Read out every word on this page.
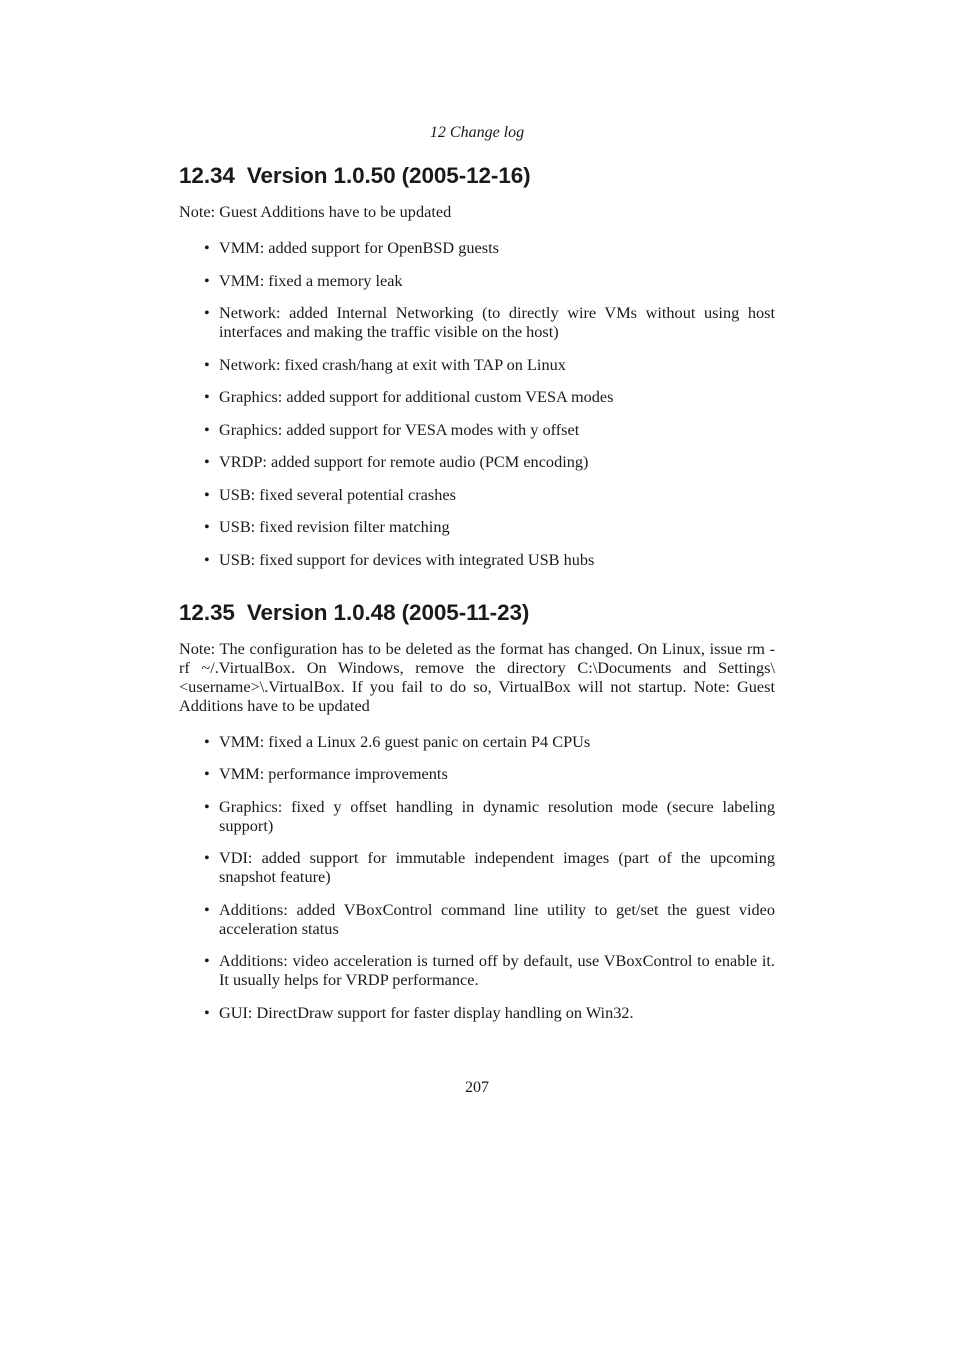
12 Change log
12.34 Version 1.0.50 (2005-12-16)

Note: Guest Additions have to be updated

• VMM: added support for OpenBSD guests
• VMM: fixed a memory leak
• Network: added Internal Networking (to directly wire VMs without using host interfaces and making the traffic visible on the host)
• Network: fixed crash/hang at exit with TAP on Linux
• Graphics: added support for additional custom VESA modes
• Graphics: added support for VESA modes with y offset
• VRDP: added support for remote audio (PCM encoding)
• USB: fixed several potential crashes
• USB: fixed revision filter matching
• USB: fixed support for devices with integrated USB hubs
12.35 Version 1.0.48 (2005-11-23)

Note: The configuration has to be deleted as the format has changed. On Linux, issue rm -rf ~/.VirtualBox. On Windows, remove the directory C:\Documents and Settings\<username>\.VirtualBox. If you fail to do so, VirtualBox will not startup. Note: Guest Additions have to be updated

• VMM: fixed a Linux 2.6 guest panic on certain P4 CPUs
• VMM: performance improvements
• Graphics: fixed y offset handling in dynamic resolution mode (secure labeling support)
• VDI: added support for immutable independent images (part of the upcoming snapshot feature)
• Additions: added VBoxControl command line utility to get/set the guest video acceleration status
• Additions: video acceleration is turned off by default, use VBoxControl to enable it. It usually helps for VRDP performance.
• GUI: DirectDraw support for faster display handling on Win32.
207
